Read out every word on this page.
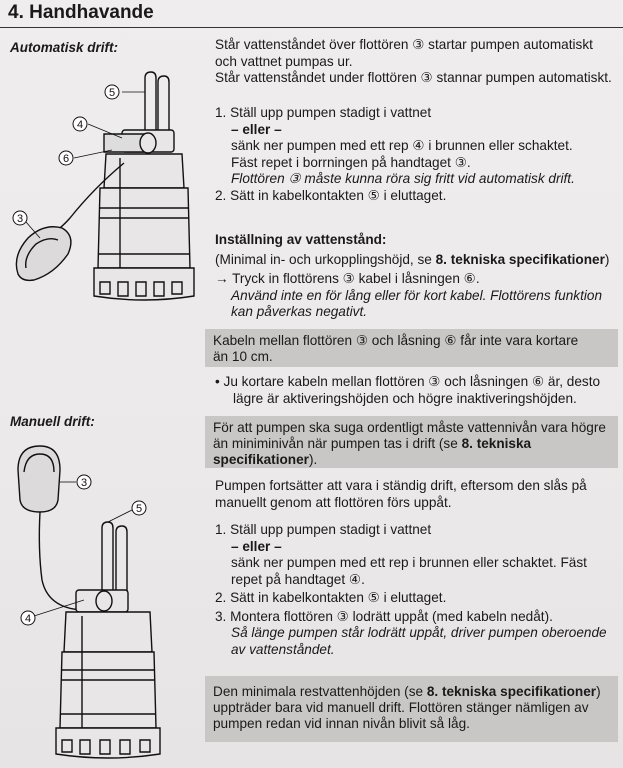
4. Handhavande
Automatisk drift:
Manuell drift:
5
4
6
3
3
5
4

Står vattenståndet över flottören ③ startar pumpen automatiskt

och vattnet pumpas ur.

Står vattenståndet under flottören ③ stannar pumpen automatiskt.

1. Ställ upp pumpen stadigt i vattnet

– eller –

sänk ner pumpen med ett rep ④ i brunnen eller schaktet.

Fäst repet i borrningen på handtaget ③.

Flottören ③ måste kunna röra sig fritt vid automatisk drift.

2. Sätt in kabelkontakten ⑤ i eluttaget.

Inställning av vattenstånd:

(Minimal in- och urkopplingshöjd, se 8. tekniska specifikationer)

→ Tryck in flottörens ③ kabel i låsningen ⑥.

Använd inte en för lång eller för kort kabel. Flottörens funktion

kan påverkas negativt.

Kabeln mellan flottören ③ och låsning ⑥ får inte vara kortare
än 10 cm.

• Ju kortare kabeln mellan flottören ③ och låsningen ⑥ är, desto

lägre är aktiveringshöjden och högre inaktiveringshöjden.

För att pumpen ska suga ordentligt måste vattennivån vara högre
än miniminivån när pumpen tas i drift (se 8. tekniska
specifikationer).

Pumpen fortsätter att vara i ständig drift, eftersom den slås på

manuellt genom att flottören förs uppåt.

1. Ställ upp pumpen stadigt i vattnet

– eller –

sänk ner pumpen med ett rep i brunnen eller schaktet. Fäst

repet på handtaget ④.

2. Sätt in kabelkontakten ⑤ i eluttaget.

3. Montera flottören ③ lodrätt uppåt (med kabeln nedåt).

Så länge pumpen står lodrätt uppåt, driver pumpen oberoende

av vattenståndet.

Den minimala restvattenhöjden (se 8. tekniska specifikationer)
uppträder bara vid manuell drift. Flottören stänger nämligen av
pumpen redan vid innan nivån blivit så låg.
